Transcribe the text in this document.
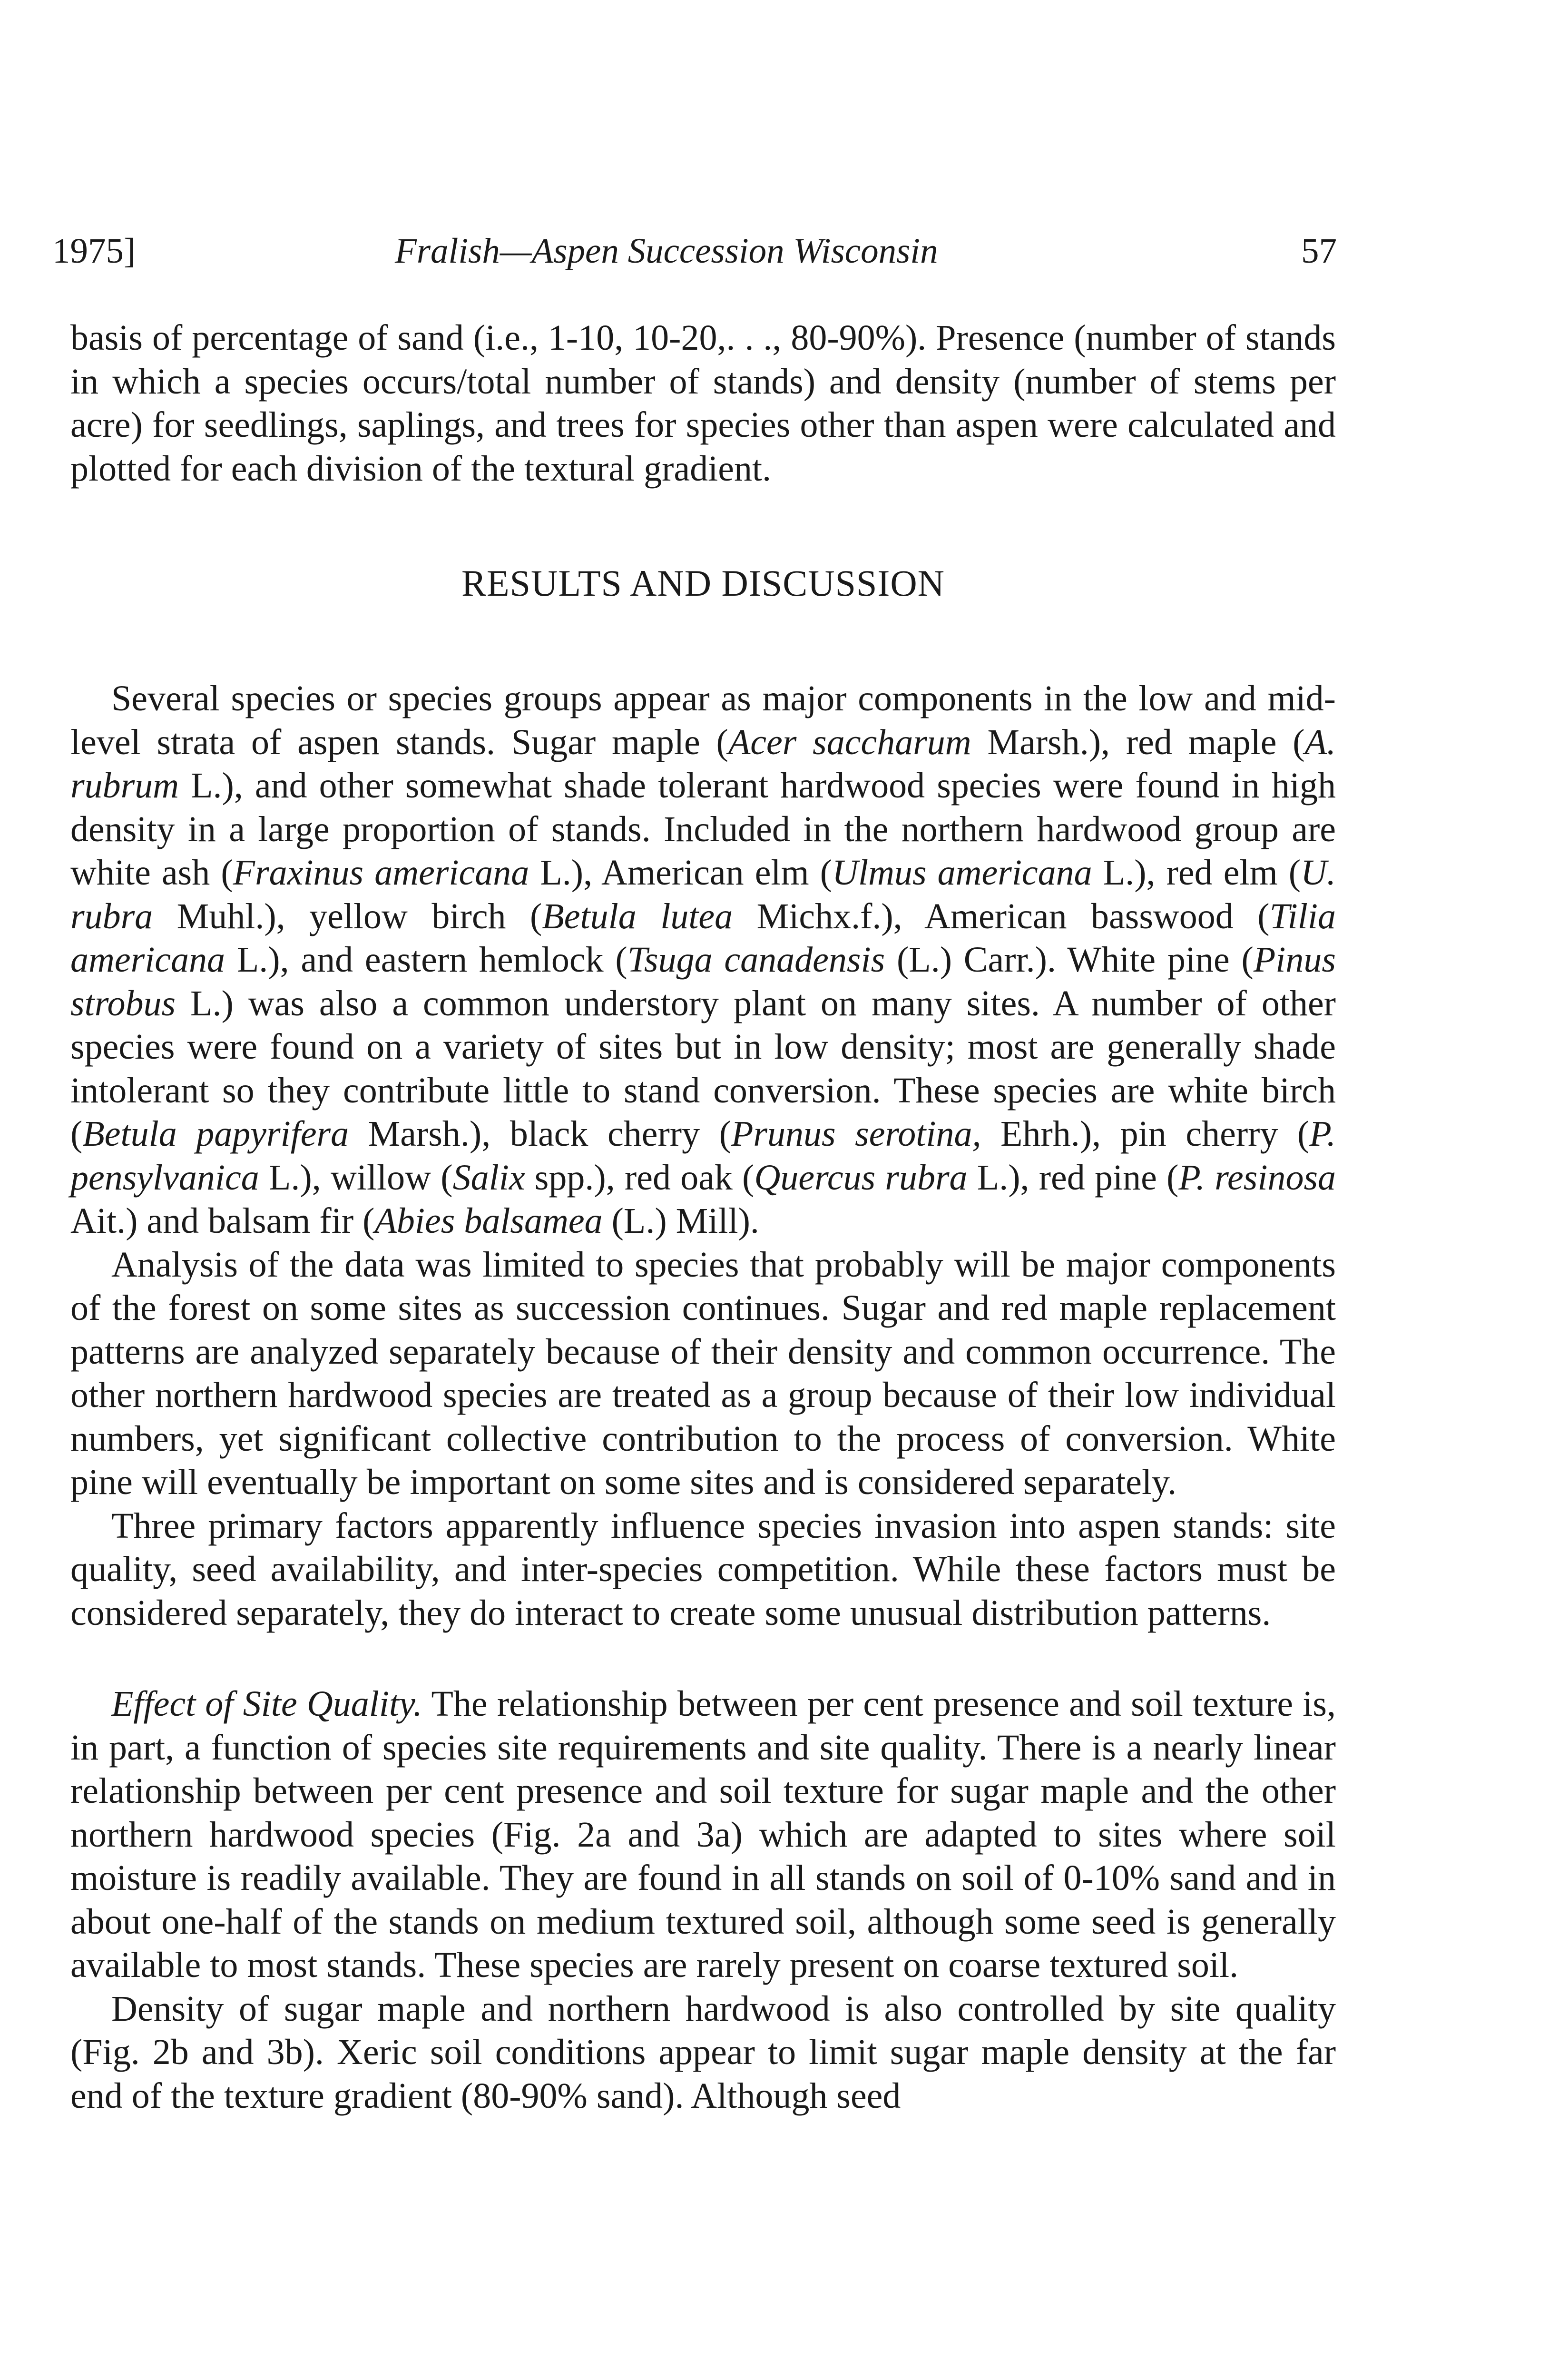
1975]	Fralish—Aspen Succession Wisconsin	57

basis of percentage of sand (i.e., 1-10, 10-20,. . ., 80-90%). Presence (number of stands in which a species occurs/total number of stands) and density (number of stems per acre) for seedlings, saplings, and trees for species other than aspen were calculated and plotted for each division of the textural gradient.

RESULTS AND DISCUSSION

Several species or species groups appear as major components in the low and mid-level strata of aspen stands. Sugar maple (Acer saccharum Marsh.), red maple (A. rubrum L.), and other somewhat shade tolerant hardwood species were found in high density in a large proportion of stands. Included in the northern hardwood group are white ash (Fraxinus americana L.), American elm (Ulmus americana L.), red elm (U. rubra Muhl.), yellow birch (Betula lutea Michx.f.), American basswood (Tilia americana L.), and eastern hemlock (Tsuga canadensis (L.) Carr.). White pine (Pinus strobus L.) was also a common understory plant on many sites. A number of other species were found on a variety of sites but in low density; most are generally shade intolerant so they contribute little to stand conversion. These species are white birch (Betula papyrifera Marsh.), black cherry (Prunus serotina, Ehrh.), pin cherry (P. pensylvanica L.), willow (Salix spp.), red oak (Quercus rubra L.), red pine (P. resinosa Ait.) and balsam fir (Abies balsamea (L.) Mill).

Analysis of the data was limited to species that probably will be major components of the forest on some sites as succession continues. Sugar and red maple replacement patterns are analyzed separately because of their density and common occurrence. The other northern hardwood species are treated as a group because of their low individual numbers, yet significant collective contribution to the process of conversion. White pine will eventually be important on some sites and is considered separately.

Three primary factors apparently influence species invasion into aspen stands: site quality, seed availability, and inter-species competition. While these factors must be considered separately, they do interact to create some unusual distribution patterns.

Effect of Site Quality. The relationship between per cent presence and soil texture is, in part, a function of species site requirements and site quality. There is a nearly linear relationship between per cent presence and soil texture for sugar maple and the other northern hardwood species (Fig. 2a and 3a) which are adapted to sites where soil moisture is readily available. They are found in all stands on soil of 0-10% sand and in about one-half of the stands on medium textured soil, although some seed is generally available to most stands. These species are rarely present on coarse textured soil.

Density of sugar maple and northern hardwood is also controlled by site quality (Fig. 2b and 3b). Xeric soil conditions appear to limit sugar maple density at the far end of the texture gradient (80-90% sand). Although seed
